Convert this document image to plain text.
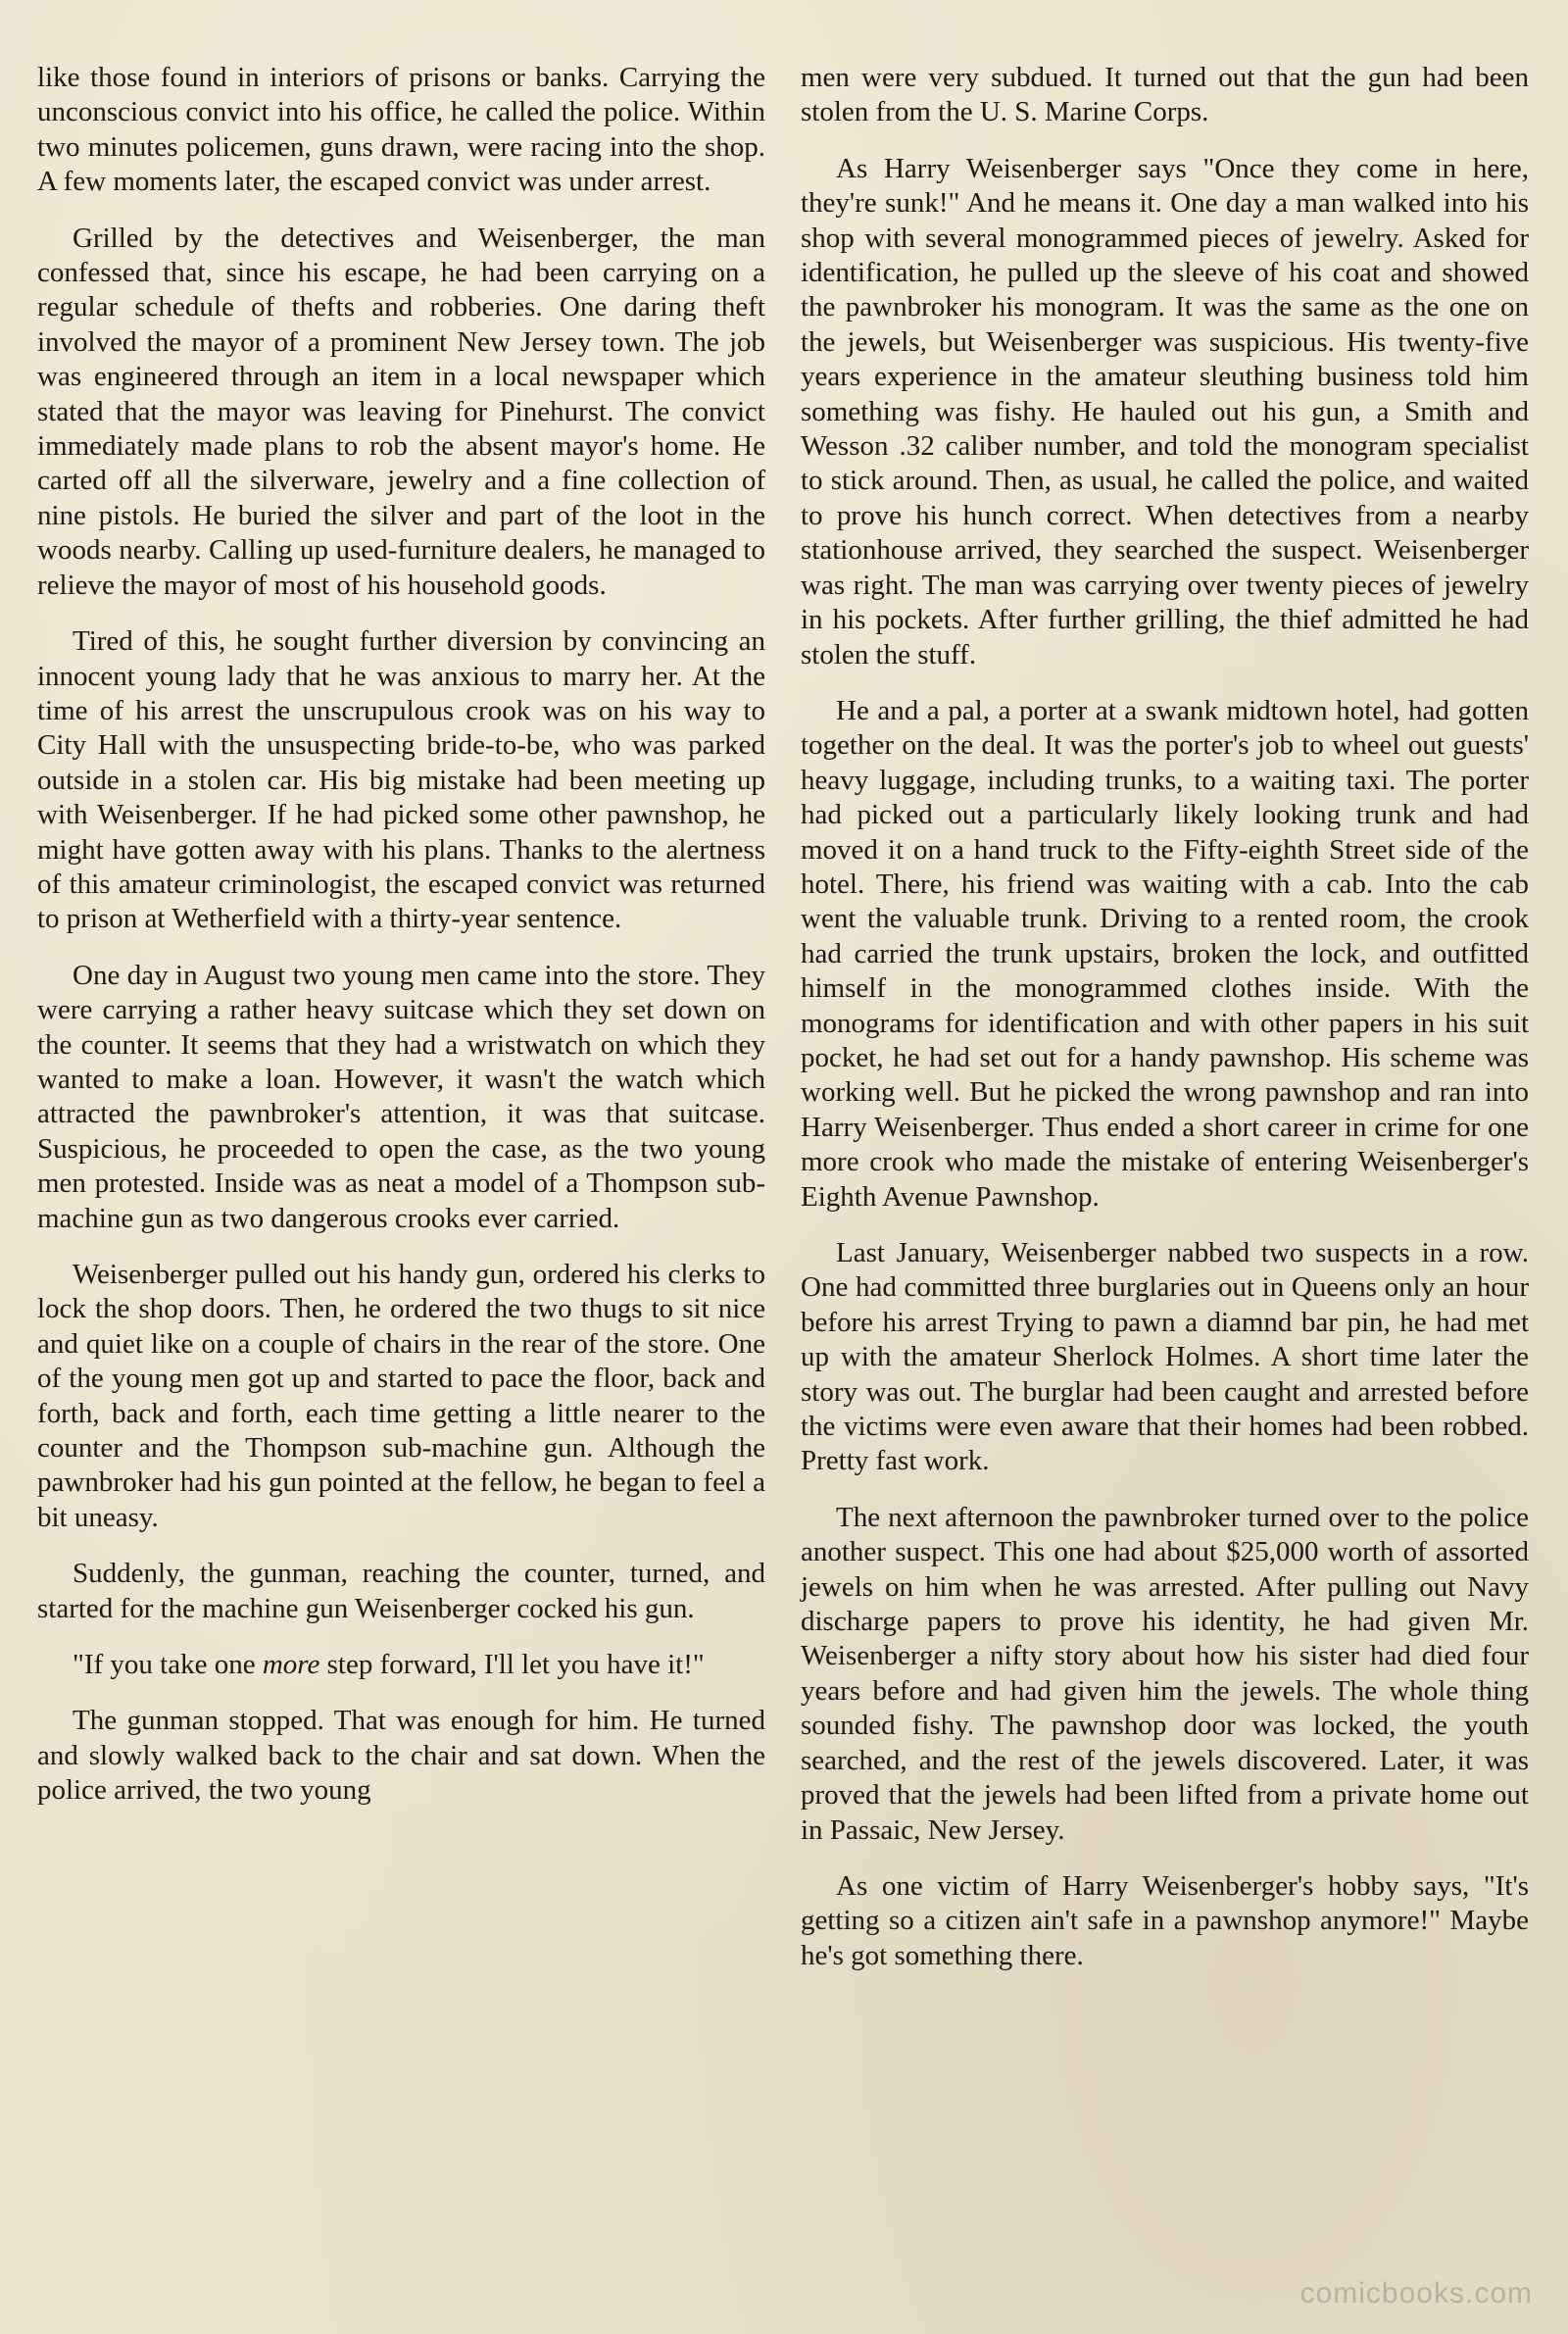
like those found in interiors of prisons or banks. Carrying the unconscious convict into his office, he called the police. Within two minutes policemen, guns drawn, were racing into the shop. A few moments later, the escaped convict was under arrest.

Grilled by the detectives and Weisenberger, the man confessed that, since his escape, he had been carrying on a regular schedule of thefts and robberies. One daring theft involved the mayor of a prominent New Jersey town. The job was engineered through an item in a local newspaper which stated that the mayor was leaving for Pinehurst. The convict immediately made plans to rob the absent mayor's home. He carted off all the silverware, jewelry and a fine collection of nine pistols. He buried the silver and part of the loot in the woods nearby. Calling up used-furniture dealers, he managed to relieve the mayor of most of his household goods.

Tired of this, he sought further diversion by convincing an innocent young lady that he was anxious to marry her. At the time of his arrest the unscrupulous crook was on his way to City Hall with the unsuspecting bride-to-be, who was parked outside in a stolen car. His big mistake had been meeting up with Weisenberger. If he had picked some other pawnshop, he might have gotten away with his plans. Thanks to the alertness of this amateur criminologist, the escaped convict was returned to prison at Wetherfield with a thirty-year sentence.

One day in August two young men came into the store. They were carrying a rather heavy suitcase which they set down on the counter. It seems that they had a wristwatch on which they wanted to make a loan. However, it wasn't the watch which attracted the pawnbroker's attention, it was that suitcase. Suspicious, he proceeded to open the case, as the two young men protested. Inside was as neat a model of a Thompson sub-machine gun as two dangerous crooks ever carried.

Weisenberger pulled out his handy gun, ordered his clerks to lock the shop doors. Then, he ordered the two thugs to sit nice and quiet like on a couple of chairs in the rear of the store. One of the young men got up and started to pace the floor, back and forth, back and forth, each time getting a little nearer to the counter and the Thompson sub-machine gun. Although the pawnbroker had his gun pointed at the fellow, he began to feel a bit uneasy.

Suddenly, the gunman, reaching the counter, turned, and started for the machine gun Weisenberger cocked his gun.

"If you take one more step forward, I'll let you have it!"

The gunman stopped. That was enough for him. He turned and slowly walked back to the chair and sat down. When the police arrived, the two young

men were very subdued. It turned out that the gun had been stolen from the U. S. Marine Corps.

As Harry Weisenberger says "Once they come in here, they're sunk!" And he means it. One day a man walked into his shop with several monogrammed pieces of jewelry. Asked for identification, he pulled up the sleeve of his coat and showed the pawnbroker his monogram. It was the same as the one on the jewels, but Weisenberger was suspicious. His twenty-five years experience in the amateur sleuthing business told him something was fishy. He hauled out his gun, a Smith and Wesson .32 caliber number, and told the monogram specialist to stick around. Then, as usual, he called the police, and waited to prove his hunch correct. When detectives from a nearby stationhouse arrived, they searched the suspect. Weisenberger was right. The man was carrying over twenty pieces of jewelry in his pockets. After further grilling, the thief admitted he had stolen the stuff.

He and a pal, a porter at a swank midtown hotel, had gotten together on the deal. It was the porter's job to wheel out guests' heavy luggage, including trunks, to a waiting taxi. The porter had picked out a particularly likely looking trunk and had moved it on a hand truck to the Fifty-eighth Street side of the hotel. There, his friend was waiting with a cab. Into the cab went the valuable trunk. Driving to a rented room, the crook had carried the trunk upstairs, broken the lock, and outfitted himself in the monogrammed clothes inside. With the monograms for identification and with other papers in his suit pocket, he had set out for a handy pawnshop. His scheme was working well. But he picked the wrong pawnshop and ran into Harry Weisenberger. Thus ended a short career in crime for one more crook who made the mistake of entering Weisenberger's Eighth Avenue Pawnshop.

Last January, Weisenberger nabbed two suspects in a row. One had committed three burglaries out in Queens only an hour before his arrest Trying to pawn a diamnd bar pin, he had met up with the amateur Sherlock Holmes. A short time later the story was out. The burglar had been caught and arrested before the victims were even aware that their homes had been robbed. Pretty fast work.

The next afternoon the pawnbroker turned over to the police another suspect. This one had about $25,000 worth of assorted jewels on him when he was arrested. After pulling out Navy discharge papers to prove his identity, he had given Mr. Weisenberger a nifty story about how his sister had died four years before and had given him the jewels. The whole thing sounded fishy. The pawnshop door was locked, the youth searched, and the rest of the jewels discovered. Later, it was proved that the jewels had been lifted from a private home out in Passaic, New Jersey.

As one victim of Harry Weisenberger's hobby says, "It's getting so a citizen ain't safe in a pawnshop anymore!" Maybe he's got something there.

comicbooks.com
